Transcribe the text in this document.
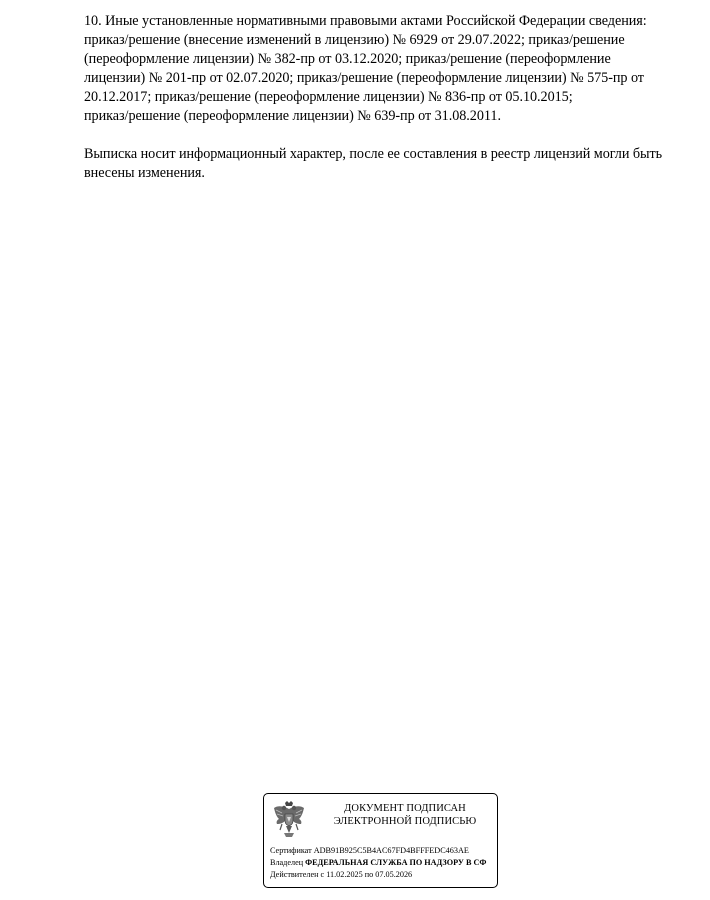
10. Иные установленные нормативными правовыми актами Российской Федерации сведения:
приказ/решение (внесение изменений в лицензию) № 6929 от 29.07.2022; приказ/решение
(переоформление лицензии) № 382-пр от 03.12.2020; приказ/решение (переоформление
лицензии) № 201-пр от 02.07.2020; приказ/решение (переоформление лицензии) № 575-пр от
20.12.2017; приказ/решение (переоформление лицензии) № 836-пр от 05.10.2015;
приказ/решение (переоформление лицензии) № 639-пр от 31.08.2011.

Выписка носит информационный характер, после ее составления в реестр лицензий могли быть
внесены изменения.

ДОКУМЕНТ ПОДПИСАН
ЭЛЕКТРОННОЙ ПОДПИСЬЮ
Сертификат ADB91B925C5B4AC67FD4BFFFEDC463AE
Владелец ФЕДЕРАЛЬНАЯ СЛУЖБА ПО НАДЗОРУ В СФ
Действителен с 11.02.2025 по 07.05.2026
